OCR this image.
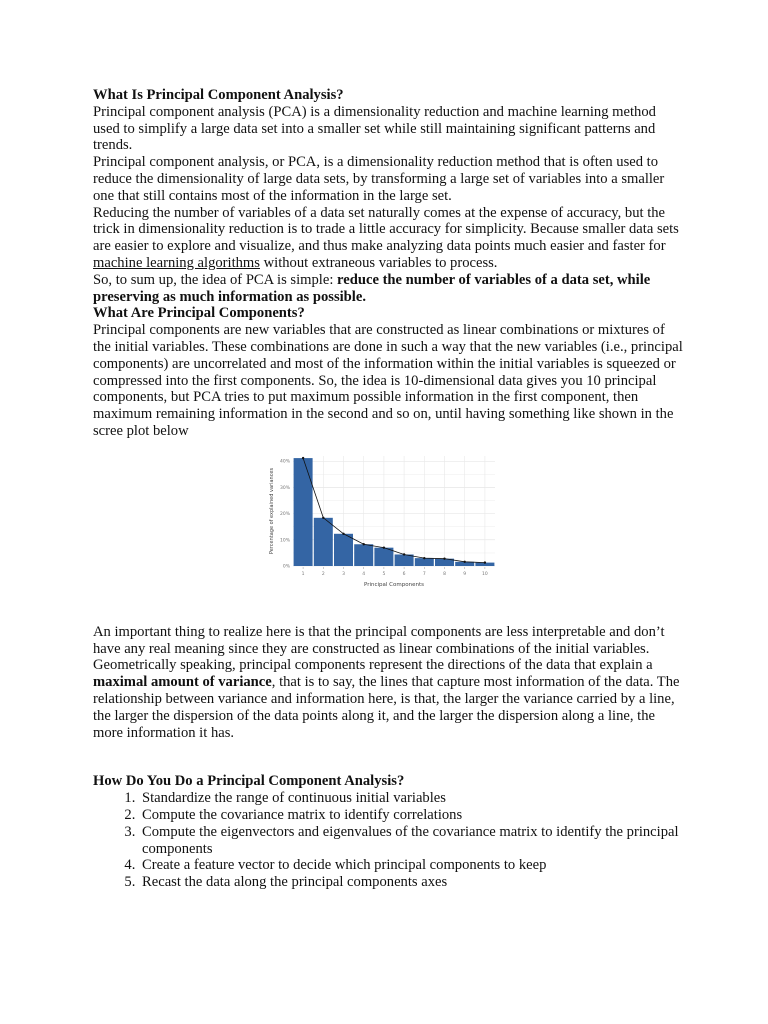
What Is Principal Component Analysis?

Principal component analysis (PCA) is a dimensionality reduction and machine learning method used to simplify a large data set into a smaller set while still maintaining significant patterns and trends.

Principal component analysis, or PCA, is a dimensionality reduction method that is often used to reduce the dimensionality of large data sets, by transforming a large set of variables into a smaller one that still contains most of the information in the large set.

Reducing the number of variables of a data set naturally comes at the expense of accuracy, but the trick in dimensionality reduction is to trade a little accuracy for simplicity. Because smaller data sets are easier to explore and visualize, and thus make analyzing data points much easier and faster for machine learning algorithms without extraneous variables to process.

So, to sum up, the idea of PCA is simple: reduce the number of variables of a data set, while preserving as much information as possible.

What Are Principal Components?

Principal components are new variables that are constructed as linear combinations or mixtures of the initial variables. These combinations are done in such a way that the new variables (i.e., principal components) are uncorrelated and most of the information within the initial variables is squeezed or compressed into the first components. So, the idea is 10-dimensional data gives you 10 principal components, but PCA tries to put maximum possible information in the first component, then maximum remaining information in the second and so on, until having something like shown in the scree plot below

0%
10%
20%
30%
40%
1	2	3	4	5	6	7	8	9	10
Principal Components
Percentage of explained variances

An important thing to realize here is that the principal components are less interpretable and don’t have any real meaning since they are constructed as linear combinations of the initial variables.

Geometrically speaking, principal components represent the directions of the data that explain a maximal amount of variance, that is to say, the lines that capture most information of the data. The relationship between variance and information here, is that, the larger the variance carried by a line, the larger the dispersion of the data points along it, and the larger the dispersion along a line, the more information it has.

How Do You Do a Principal Component Analysis?
1. Standardize the range of continuous initial variables
2. Compute the covariance matrix to identify correlations
3. Compute the eigenvectors and eigenvalues of the covariance matrix to identify the principal components
4. Create a feature vector to decide which principal components to keep
5. Recast the data along the principal components axes
